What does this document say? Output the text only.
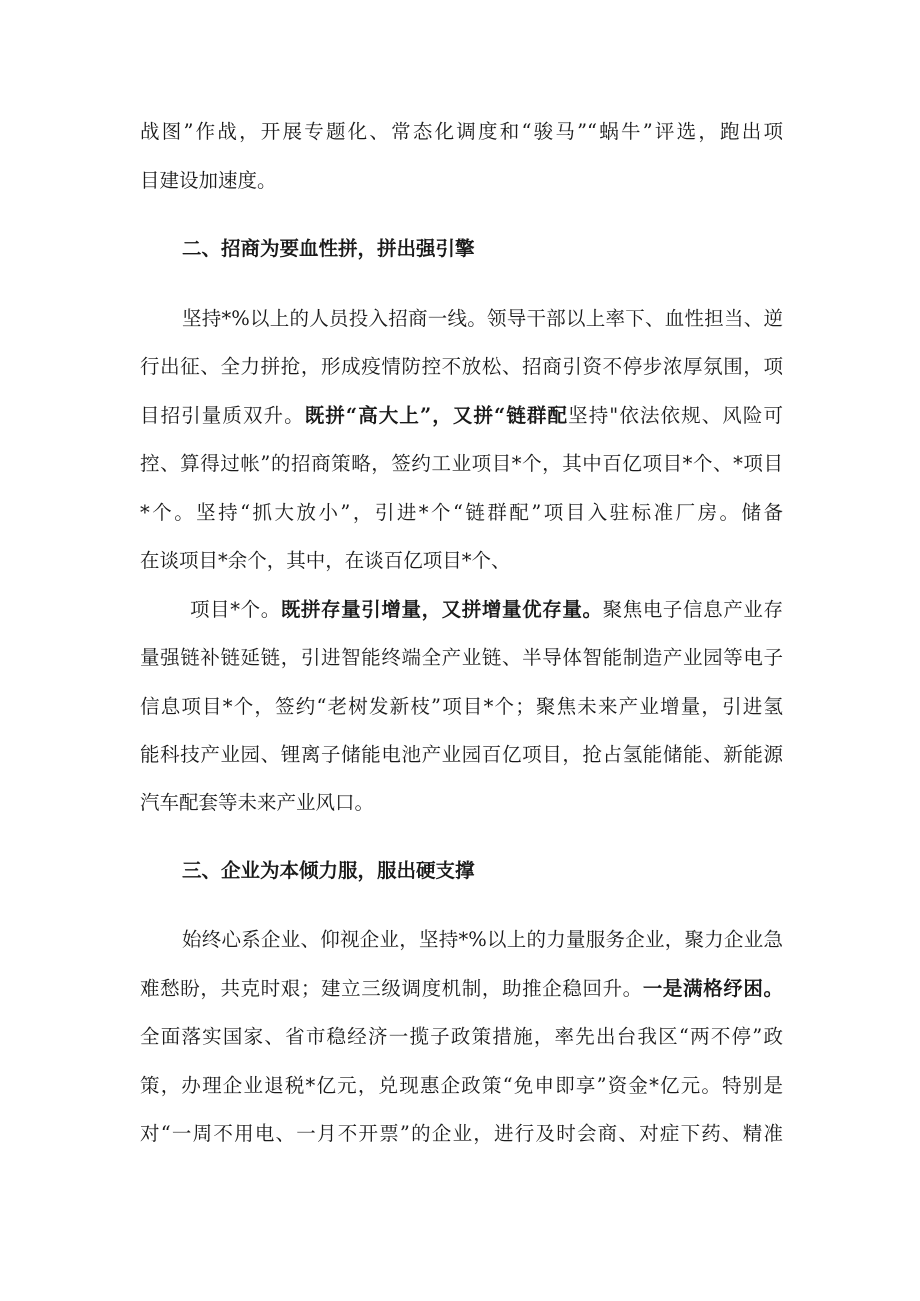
战图”作战，开展专题化、常态化调度和“骏马”“蜗牛”评选，跑出项
目建设加速度。
二、招商为要血性拼，拼出强引擎
坚持*%以上的人员投入招商一线。领导干部以上率下、血性担当、逆
行出征、全力拼抢，形成疫情防控不放松、招商引资不停步浓厚氛围，项
目招引量质双升。既拼“高大上”，又拼“链群配坚持"依法依规、风险可
控、算得过帐”的招商策略，签约工业项目*个，其中百亿项目*个、*项目
*个。坚持“抓大放小”，引进*个“链群配”项目入驻标准厂房。储备
在谈项目*余个，其中，在谈百亿项目*个、
项目*个。既拼存量引增量，又拼增量优存量。聚焦电子信息产业存
量强链补链延链，引进智能终端全产业链、半导体智能制造产业园等电子
信息项目*个，签约“老树发新枝”项目*个；聚焦未来产业增量，引进氢
能科技产业园、锂离子储能电池产业园百亿项目，抢占氢能储能、新能源
汽车配套等未来产业风口。
三、企业为本倾力服，服出硬支撑
始终心系企业、仰视企业，坚持*%以上的力量服务企业，聚力企业急
难愁盼，共克时艰；建立三级调度机制，助推企稳回升。一是满格纾困。
全面落实国家、省市稳经济一揽子政策措施，率先出台我区“两不停”政
策，办理企业退税*亿元，兑现惠企政策“免申即享”资金*亿元。特别是
对“一周不用电、一月不开票”的企业，进行及时会商、对症下药、精准
